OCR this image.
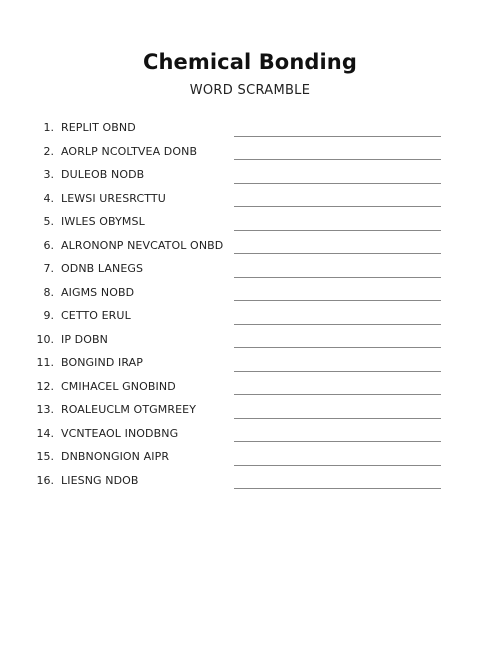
Chemical Bonding
WORD SCRAMBLE
1. REPLIT OBND
2. AORLP NCOLTVEA DONB
3. DULEOB NODB
4. LEWSI URESRCTTU
5. IWLES OBYMSL
6. ALRONONP NEVCATOL ONBD
7. ODNB LANEGS
8. AIGMS NOBD
9. CETTO ERUL
10. IP DOBN
11. BONGIND IRAP
12. CMIHACEL GNOBIND
13. ROALEUCLM OTGMREEY
14. VCNTEAOL INODBNG
15. DNBNONGION AIPR
16. LIESNG NDOB
